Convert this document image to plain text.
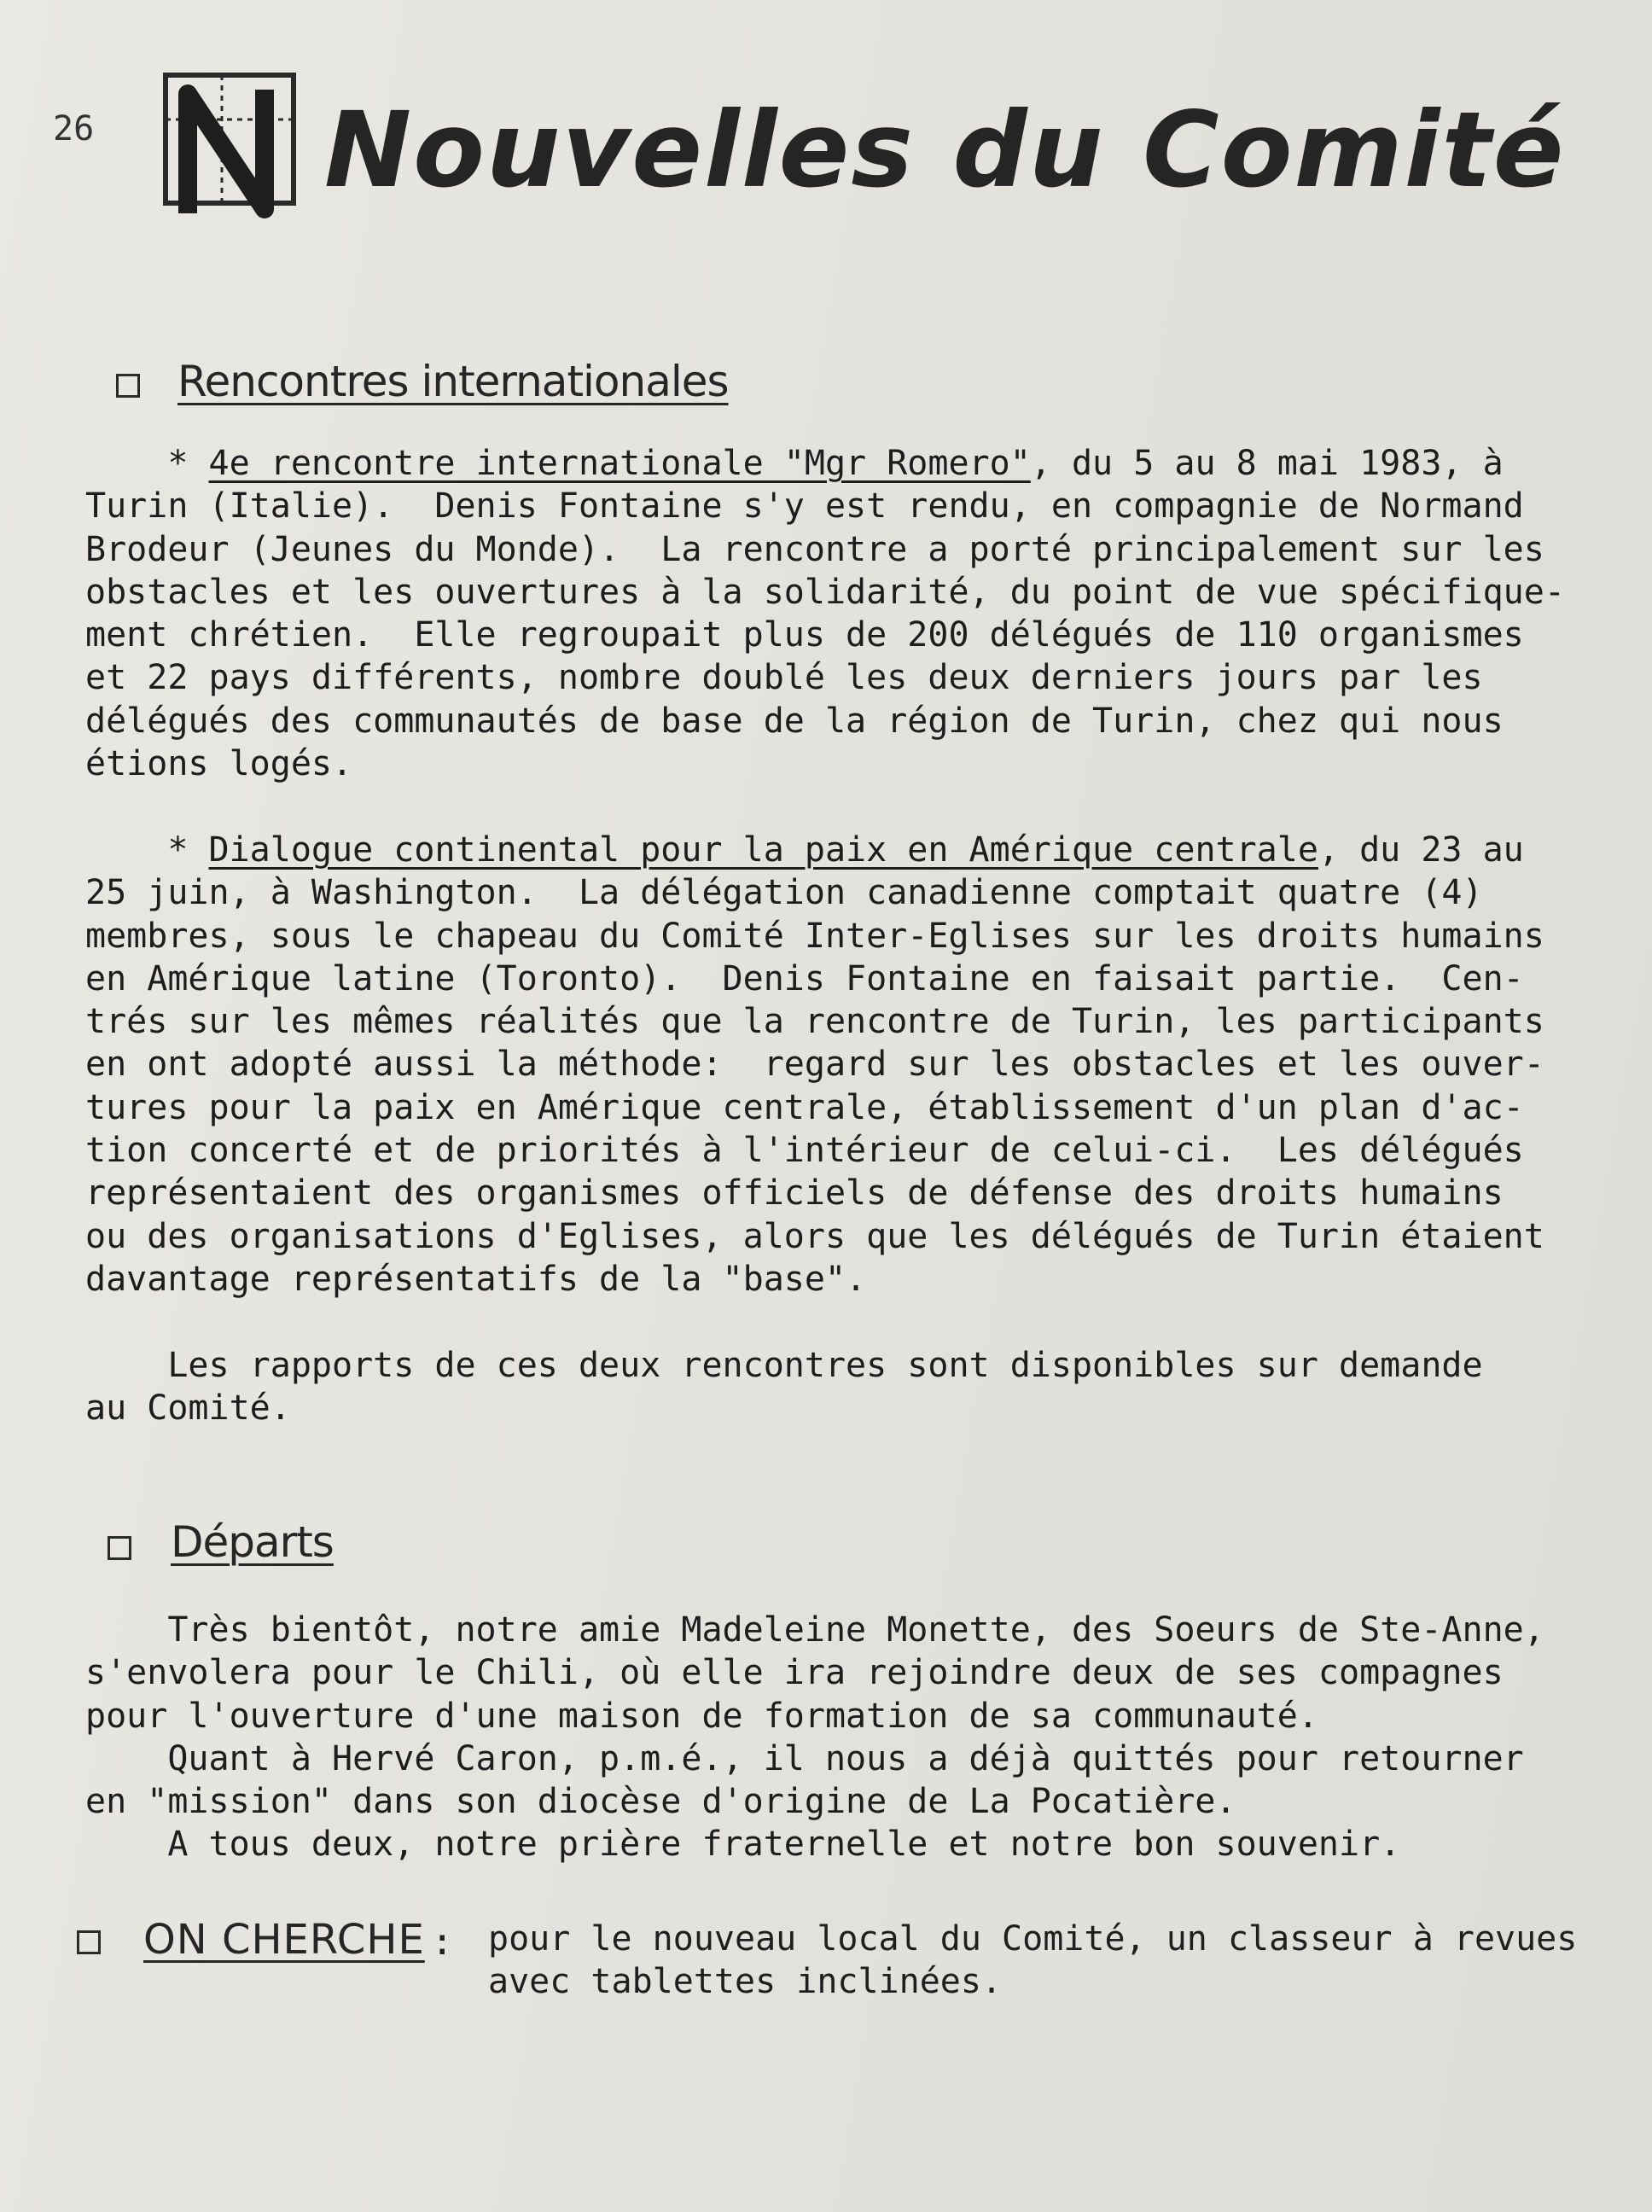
26 Nouvelles du Comité
Rencontres internationales

* 4e rencontre internationale "Mgr Romero", du 5 au 8 mai 1983, à
Turin (Italie).  Denis Fontaine s'y est rendu, en compagnie de Normand
Brodeur (Jeunes du Monde).  La rencontre a porté principalement sur les
obstacles et les ouvertures à la solidarité, du point de vue spécifique-
ment chrétien.  Elle regroupait plus de 200 délégués de 110 organismes
et 22 pays différents, nombre doublé les deux derniers jours par les
délégués des communautés de base de la région de Turin, chez qui nous
étions logés.

* Dialogue continental pour la paix en Amérique centrale, du 23 au
25 juin, à Washington.  La délégation canadienne comptait quatre (4)
membres, sous le chapeau du Comité Inter-Eglises sur les droits humains
en Amérique latine (Toronto).  Denis Fontaine en faisait partie.  Cen-
trés sur les mêmes réalités que la rencontre de Turin, les participants
en ont adopté aussi la méthode:  regard sur les obstacles et les ouver-
tures pour la paix en Amérique centrale, établissement d'un plan d'ac-
tion concerté et de priorités à l'intérieur de celui-ci.  Les délégués
représentaient des organismes officiels de défense des droits humains
ou des organisations d'Eglises, alors que les délégués de Turin étaient
davantage représentatifs de la "base".

Les rapports de ces deux rencontres sont disponibles sur demande
au Comité.

Départs

Très bientôt, notre amie Madeleine Monette, des Soeurs de Ste-Anne,
s'envolera pour le Chili, où elle ira rejoindre deux de ses compagnes
pour l'ouverture d'une maison de formation de sa communauté.
Quant à Hervé Caron, p.m.é., il nous a déjà quittés pour retourner
en "mission" dans son diocèse d'origine de La Pocatière.
A tous deux, notre prière fraternelle et notre bon souvenir.

ON CHERCHE : pour le nouveau local du Comité, un classeur à revues
avec tablettes inclinées.
